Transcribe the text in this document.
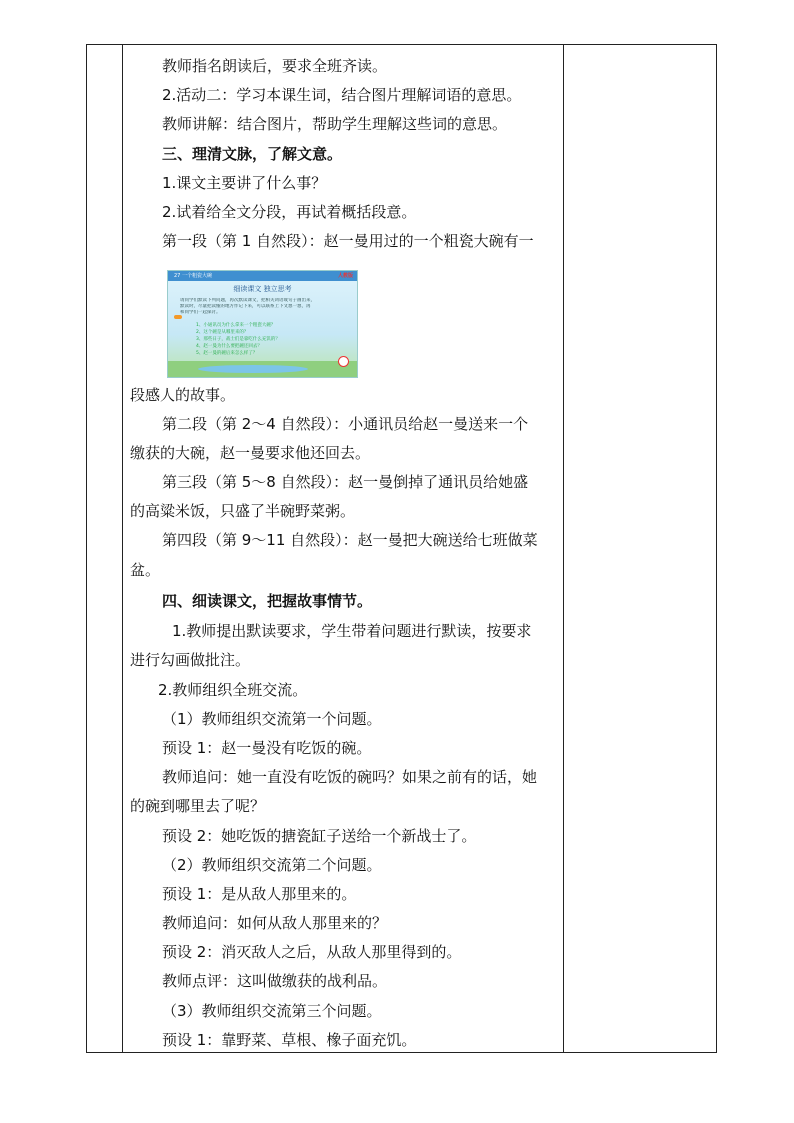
教师指名朗读后，要求全班齐读。
2.活动二：学习本课生词，结合图片理解词语的意思。
教师讲解：结合图片，帮助学生理解这些词的意思。
三、理清文脉，了解文意。
1.课文主要讲了什么事？
2.试着给全文分段，再试着概括段意。
第一段（第 1 自然段）：赵一曼用过的一个粗瓷大碗有一
27 一个粗瓷大碗	人教版
细读课文 独立思考
请同学们默读下列问题，再次默读课文，把相关词语或句子画出来，
默读时，尽量把读懂的地方作记下来，可以联系上下文想一想，再
和同学们一起探讨。
1、小通讯员为什么拿来一个粗瓷大碗？
2、这个碗是从哪里来的？
3、那些日子，战士们是靠吃什么充饥的？
4、赵一曼为什么要把碗还回去？
5、赵一曼的碗后来怎么样了？
段感人的故事。
第二段（第 2～4 自然段）：小通讯员给赵一曼送来一个
缴获的大碗，赵一曼要求他还回去。
第三段（第 5～8 自然段）：赵一曼倒掉了通讯员给她盛
的高粱米饭，只盛了半碗野菜粥。
第四段（第 9～11 自然段）：赵一曼把大碗送给七班做菜
盆。
四、细读课文，把握故事情节。
1.教师提出默读要求，学生带着问题进行默读，按要求
进行勾画做批注。
2.教师组织全班交流。
（1）教师组织交流第一个问题。
预设 1：赵一曼没有吃饭的碗。
教师追问：她一直没有吃饭的碗吗？如果之前有的话，她
的碗到哪里去了呢？
预设 2：她吃饭的搪瓷缸子送给一个新战士了。
（2）教师组织交流第二个问题。
预设 1：是从敌人那里来的。
教师追问：如何从敌人那里来的？
预设 2：消灭敌人之后，从敌人那里得到的。
教师点评：这叫做缴获的战利品。
（3）教师组织交流第三个问题。
预设 1：靠野菜、草根、橡子面充饥。
